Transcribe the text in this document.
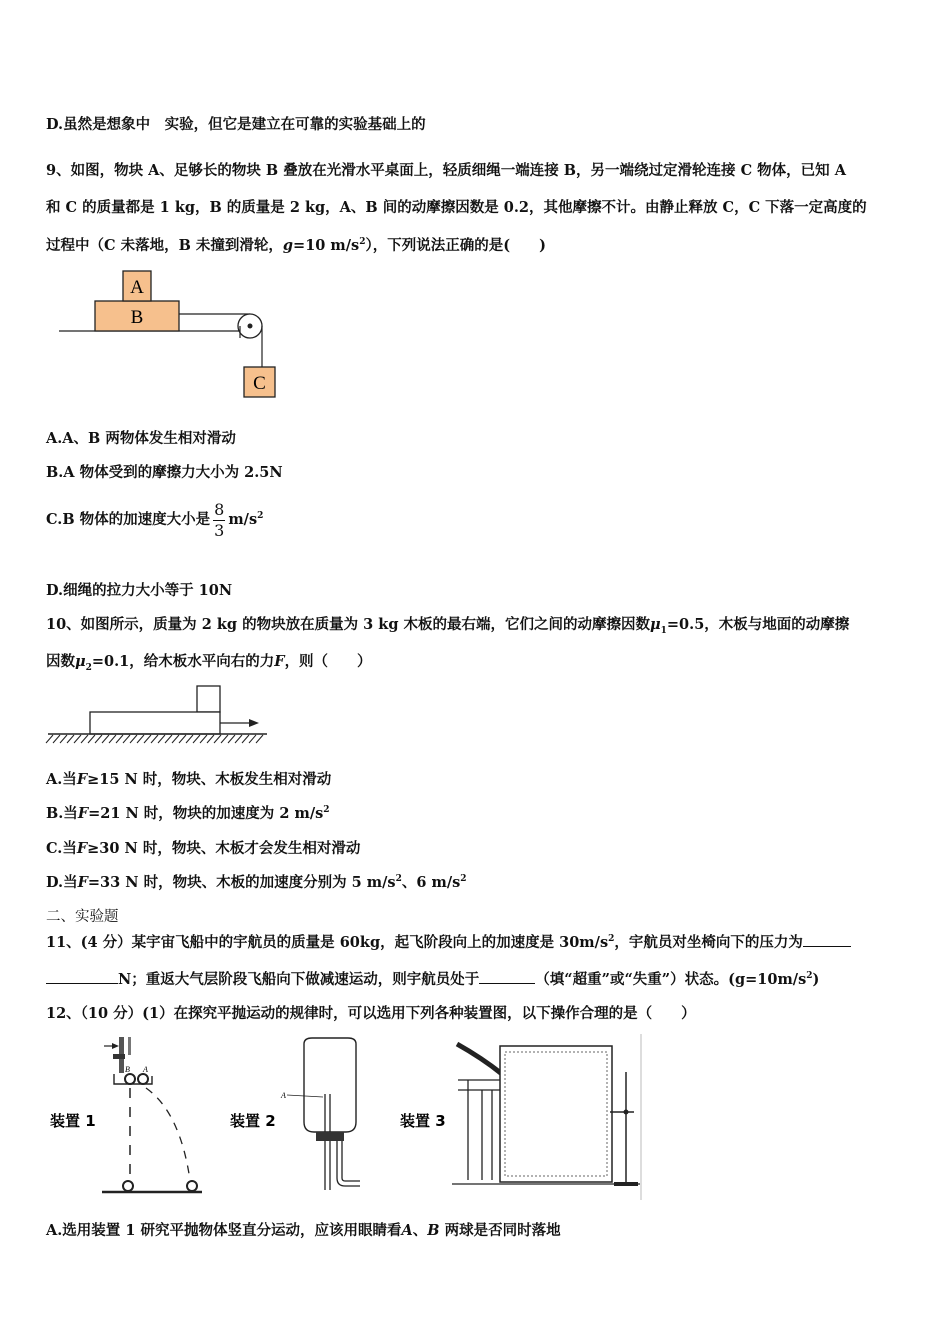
D.虽然是想象中　实验，但它是建立在可靠的实验基础上的
9、如图，物块 A、足够长的物块 B 叠放在光滑水平桌面上，轻质细绳一端连接 B，另一端绕过定滑轮连接 C 物体，已知 A
和 C 的质量都是 1 kg，B 的质量是 2 kg，A、B 间的动摩擦因数是 0.2，其他摩擦不计。由静止释放 C，C 下落一定高度的
过程中（C 未落地，B 未撞到滑轮，g=10 $m/s^2$），下列说法正确的是(　　)
B
A
C
A.A、B 两物体发生相对滑动
B.A 物体受到的摩擦力大小为 2.5N
C.B 物体的加速度大小是 $\frac{8}{3} m/s^2$
D.细绳的拉力大小等于 10N
10、如图所示，质量为 2 kg 的物块放在质量为 3 kg 木板的最右端，它们之间的动摩擦因数$\mu_1=0.5$，木板与地面的动摩擦
因数$\mu_2=0.1$，给木板水平向右的力F，则（　　）
A.当F≥15 N 时，物块、木板发生相对滑动
B.当F=21 N 时，物块的加速度为 2 $m/s^2$
C.当F≥30 N 时，物块、木板才会发生相对滑动
D.当F=33 N 时，物块、木板的加速度分别为 5 $m/s^2$、6 $m/s^2$
二、实验题
11、(4 分）某宇宙飞船中的宇航员的质量是 60kg，起飞阶段向上的加速度是 $30m/s^2$，宇航员对坐椅向下的压力为
N；重返大气层阶段飞船向下做减速运动，则宇航员处于	（填“超重”或“失重”）状态。$(g=10m/s^2)$
12、（10 分）(1）在探究平抛运动的规律时，可以选用下列各种装置图，以下操作合理的是（　　）
装置 1
B A
装置 2
A
装置 3
A.选用装置 1 研究平抛物体竖直分运动，应该用眼睛看A、B 两球是否同时落地
